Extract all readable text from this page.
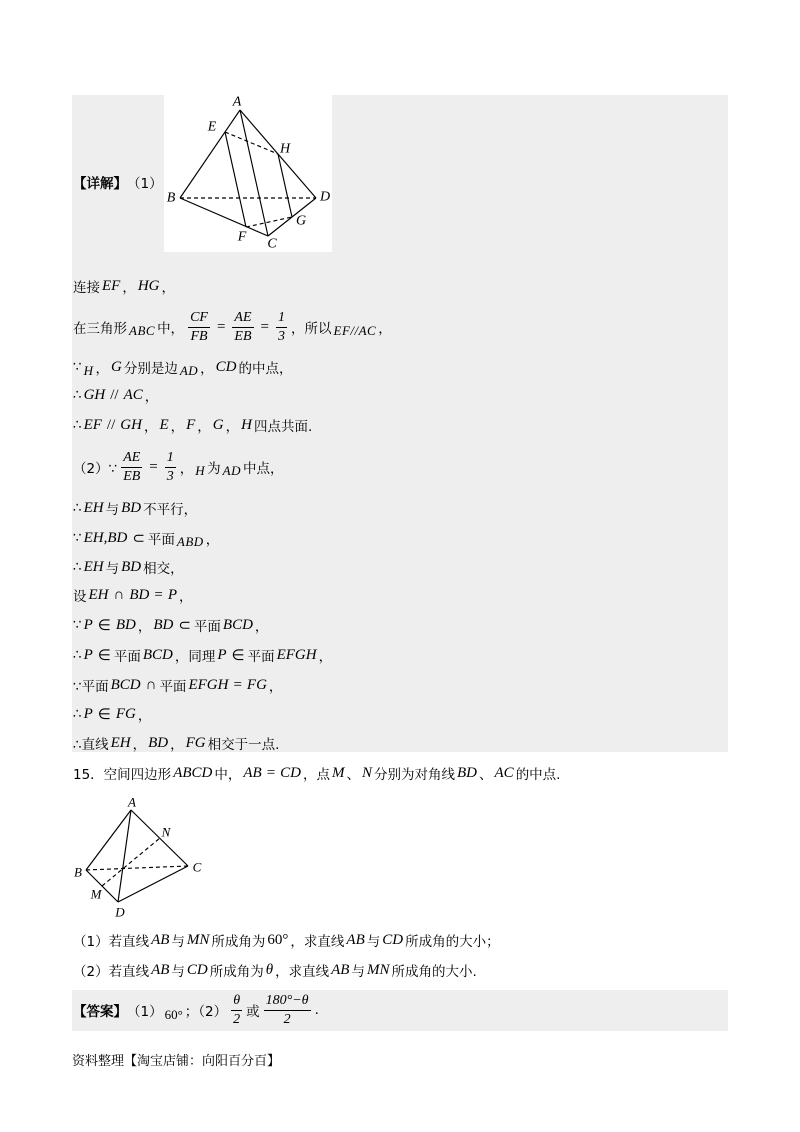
【详解】 （1）
A
E
H
B	D
F
G
C
连接 EF ， HG ，
在三角形 ABC 中， $\frac{CF}{FB} = \frac{AE}{EB} = \frac{1}{3}$ ，所以 EF//AC ，
∵ H ， G 分别是边 AD ， CD 的中点，
∴ GH // AC ，
∴ EF // GH ， E ， F ， G ， H 四点共面.
（2）∵ $\frac{AE}{EB} = \frac{1}{3}$ ， H 为 AD 中点，
∴ EH 与 BD 不平行，
∵ EH,BD ⊂ 平面 ABD ，
∴ EH 与 BD 相交，
设 EH ∩ BD = P ，
∵ P ∈ BD ， BD ⊂ 平面 BCD ，
∴ P ∈ 平面 BCD ，同理 P ∈ 平面 EFGH ，
∵平面 BCD ∩ 平面 EFGH = FG ，
∴ P ∈ FG ，
∴直线 EH ， BD ， FG 相交于一点.
15．空间四边形 ABCD 中， AB = CD ，点 M 、 N 分别为对角线 BD 、 AC 的中点.
A
N
B	C
M
D
（1）若直线 AB 与 MN 所成角为 60° ，求直线 AB 与 CD 所成角的大小；
（2）若直线 AB 与 CD 所成角为 θ ，求直线 AB 与 MN 所成角的大小.
【答案】 （1） 60° ；$(2) \frac{\theta}{2}$ 或 $\frac{180^\circ-\theta}{2}$ .
资料整理【淘宝店铺：向阳百分百】
